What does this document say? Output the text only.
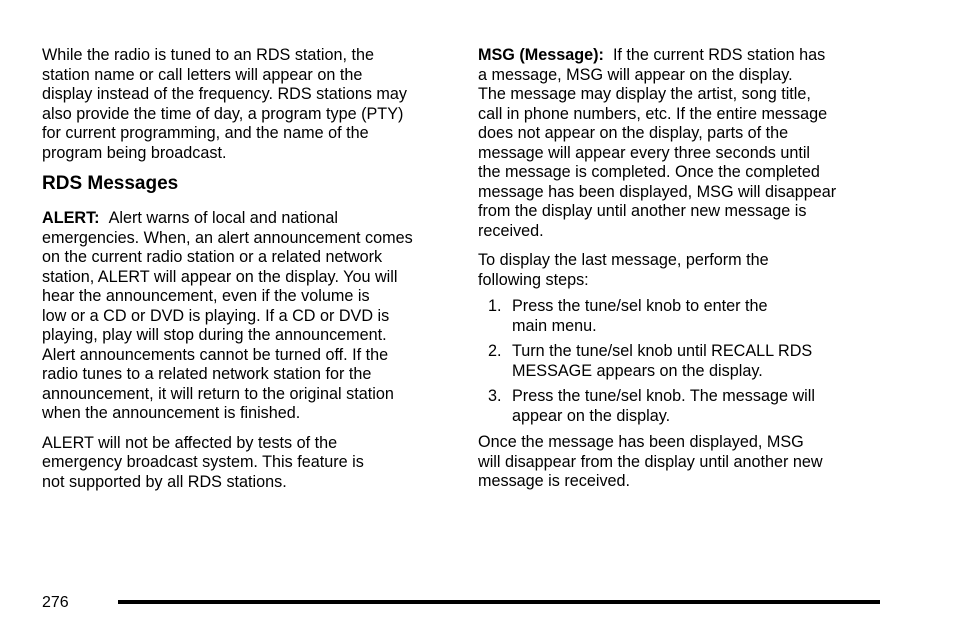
While the radio is tuned to an RDS station, the
station name or call letters will appear on the
display instead of the frequency. RDS stations may
also provide the time of day, a program type (PTY)
for current programming, and the name of the
program being broadcast.

RDS Messages

ALERT: Alert warns of local and national
emergencies. When, an alert announcement comes
on the current radio station or a related network
station, ALERT will appear on the display. You will
hear the announcement, even if the volume is
low or a CD or DVD is playing. If a CD or DVD is
playing, play will stop during the announcement.
Alert announcements cannot be turned off. If the
radio tunes to a related network station for the
announcement, it will return to the original station
when the announcement is finished.

ALERT will not be affected by tests of the
emergency broadcast system. This feature is
not supported by all RDS stations.

MSG (Message): If the current RDS station has
a message, MSG will appear on the display.
The message may display the artist, song title,
call in phone numbers, etc. If the entire message
does not appear on the display, parts of the
message will appear every three seconds until
the message is completed. Once the completed
message has been displayed, MSG will disappear
from the display until another new message is
received.

To display the last message, perform the
following steps:

1. Press the tune/sel knob to enter the
main menu.
2. Turn the tune/sel knob until RECALL RDS
MESSAGE appears on the display.
3. Press the tune/sel knob. The message will
appear on the display.

Once the message has been displayed, MSG
will disappear from the display until another new
message is received.

276
